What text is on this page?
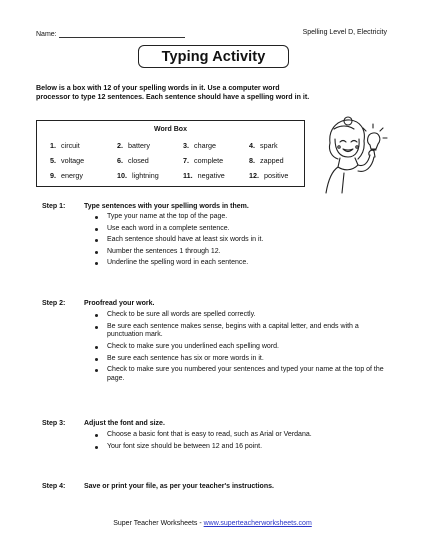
Name:	Spelling Level D, Electricity
Typing Activity
Below is a box with 12 of your spelling words in it. Use a computer word processor to type 12 sentences. Each sentence should have a spelling word in it.
Word Box
1. circuit	2. battery	3. charge	4. spark
5. voltage	6. closed	7. complete	8. zapped
9. energy	10. lightning	11. negative	12. positive
Step 1:	Type sentences with your spelling words in them.
Type your name at the top of the page.
Use each word in a complete sentence.
Each sentence should have at least six words in it.
Number the sentences 1 through 12.
Underline the spelling word in each sentence.
Step 2:	Proofread your work.
Check to be sure all words are spelled correctly.
Be sure each sentence makes sense, begins with a capital letter, and ends with a punctuation mark.
Check to make sure you underlined each spelling word.
Be sure each sentence has six or more words in it.
Check to make sure you numbered your sentences and typed your name at the top of the page.
Step 3:	Adjust the font and size.
Choose a basic font that is easy to read, such as Arial or Verdana.
Your font size should be between 12 and 16 point.
Step 4:	Save or print your file, as per your teacher's instructions.
Super Teacher Worksheets - www.superteacherworksheets.com
